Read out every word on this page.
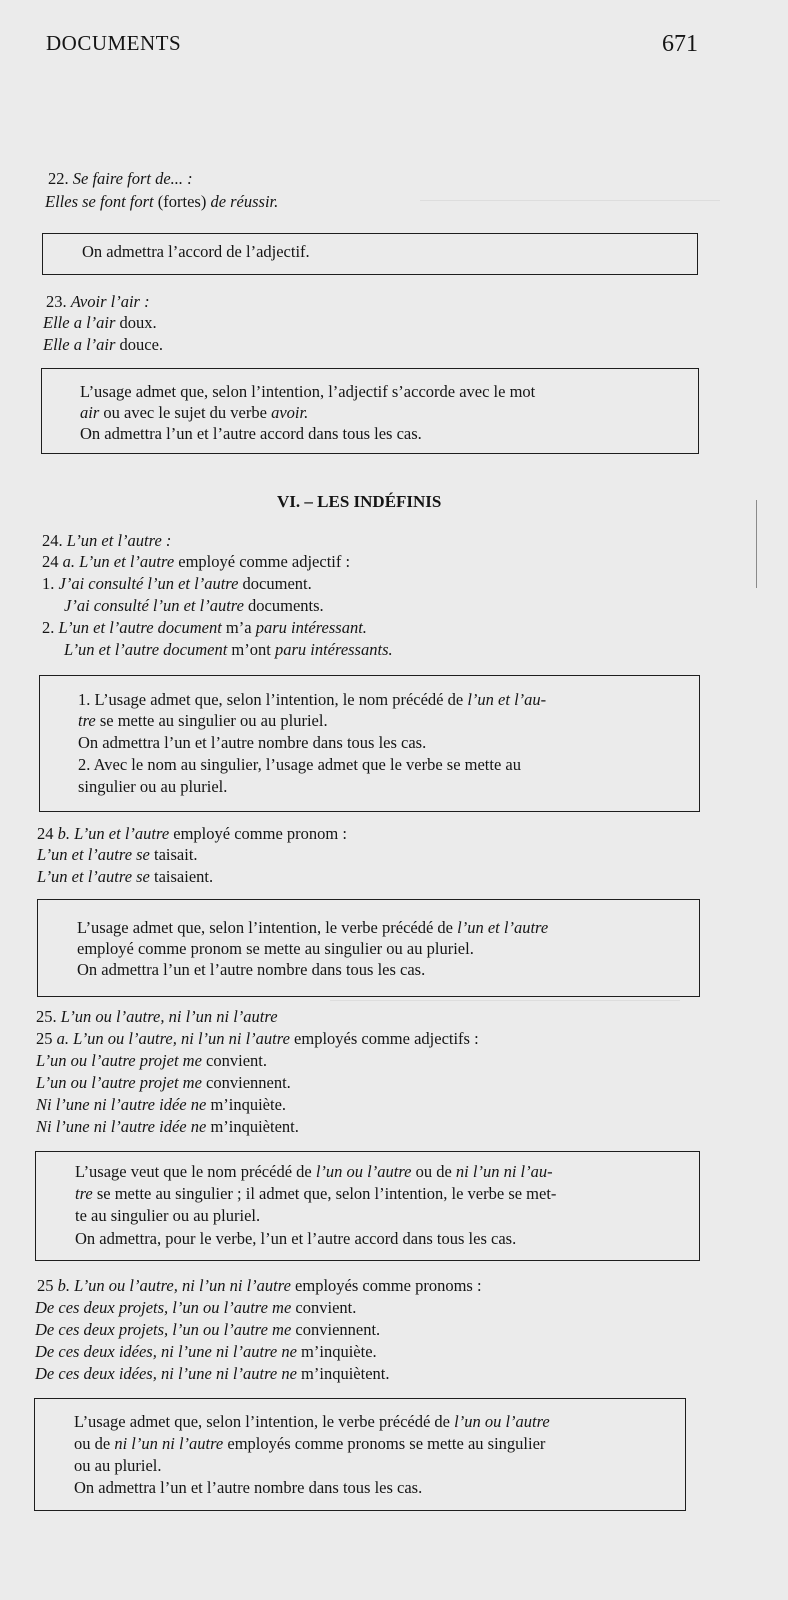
DOCUMENTS	671
22. Se faire fort de... :
Elles se font fort (fortes) de réussir.
On admettra l’accord de l’adjectif.
23. Avoir l’air :
Elle a l’air doux.
Elle a l’air douce.
L’usage admet que, selon l’intention, l’adjectif s’accorde avec le mot
air ou avec le sujet du verbe avoir.
On admettra l’un et l’autre accord dans tous les cas.
VI. – LES INDÉFINIS
24. L’un et l’autre :
24 a. L’un et l’autre employé comme adjectif :
1. J’ai consulté l’un et l’autre document.
J’ai consulté l’un et l’autre documents.
2. L’un et l’autre document m’a paru intéressant.
L’un et l’autre document m’ont paru intéressants.
1. L’usage admet que, selon l’intention, le nom précédé de l’un et l’au-
tre se mette au singulier ou au pluriel.
On admettra l’un et l’autre nombre dans tous les cas.
2. Avec le nom au singulier, l’usage admet que le verbe se mette au
singulier ou au pluriel.
24 b. L’un et l’autre employé comme pronom :
L’un et l’autre se taisait.
L’un et l’autre se taisaient.
L’usage admet que, selon l’intention, le verbe précédé de l’un et l’autre
employé comme pronom se mette au singulier ou au pluriel.
On admettra l’un et l’autre nombre dans tous les cas.
25. L’un ou l’autre, ni l’un ni l’autre
25 a. L’un ou l’autre, ni l’un ni l’autre employés comme adjectifs :
L’un ou l’autre projet me convient.
L’un ou l’autre projet me conviennent.
Ni l’une ni l’autre idée ne m’inquiète.
Ni l’une ni l’autre idée ne m’inquiètent.
L’usage veut que le nom précédé de l’un ou l’autre ou de ni l’un ni l’au-
tre se mette au singulier ; il admet que, selon l’intention, le verbe se met-
te au singulier ou au pluriel.
On admettra, pour le verbe, l’un et l’autre accord dans tous les cas.
25 b. L’un ou l’autre, ni l’un ni l’autre employés comme pronoms :
De ces deux projets, l’un ou l’autre me convient.
De ces deux projets, l’un ou l’autre me conviennent.
De ces deux idées, ni l’une ni l’autre ne m’inquiète.
De ces deux idées, ni l’une ni l’autre ne m’inquiètent.
L’usage admet que, selon l’intention, le verbe précédé de l’un ou l’autre
ou de ni l’un ni l’autre employés comme pronoms se mette au singulier
ou au pluriel.
On admettra l’un et l’autre nombre dans tous les cas.
